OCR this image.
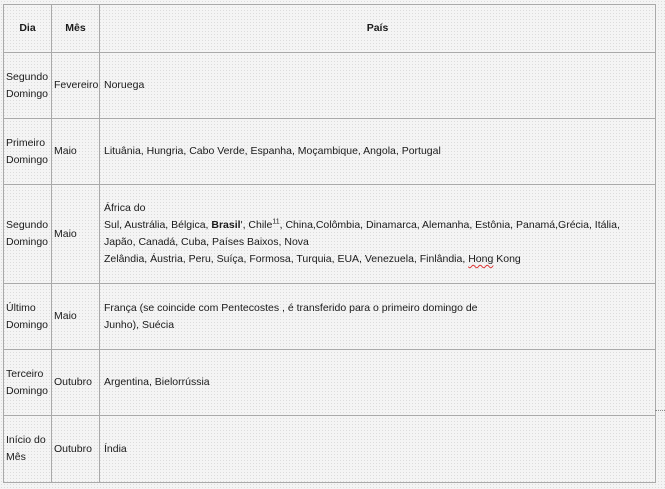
Dia	Mês	País

Segundo
Domingo	Fevereiro	Noruega

Primeiro
Domingo	Maio	Lituânia, Hungria, Cabo Verde, Espanha, Moçambique, Angola, Portugal

Segundo
Domingo	Maio	África do
Sul, Austrália, Bélgica, Brasil', Chile$^{11}$, China,Colômbia, Dinamarca, Alemanha, Estônia, Panamá,Grécia, Itália,
Japão, Canadá, Cuba, Países Baixos, Nova
Zelândia, Áustria, Peru, Suíça, Formosa, Turquia, EUA, Venezuela, Finlândia, Hong Kong

Último
Domingo	Maio	França (se coincide com Pentecostes , é transferido para o primeiro domingo de
Junho), Suécia

Terceiro
Domingo	Outubro	Argentina, Bielorrússia

Início do
Mês	Outubro	Índia
